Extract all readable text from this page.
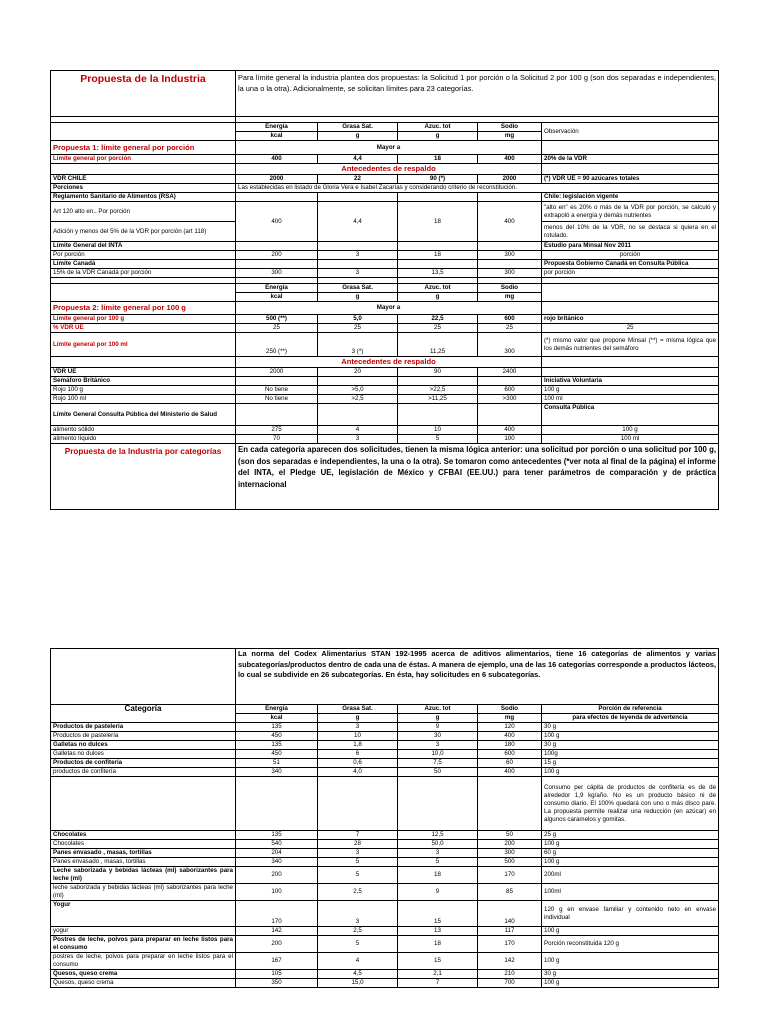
Propuesta de la Industria	Para límite general la industria plantea dos propuestas: la Solicitud 1 por porción o la Solicitud 2 por 100 g (son dos separadas e independientes, la una o la otra). Adicionalmente, se solicitan límites para 23 categorías.				

	Energía	Grasa Sat.	Azuc. tot	Sodio	Observación
	kcal	g	g	mg	
Propuesta 1: límite general por porción	Mayor a				
Límite general por porción	400	4,4	18	400	20% de la VDR
	Antecedentes de respaldo				
VDR CHILE	2000	22	90 (*)	2000	(*) VDR UE = 90 azúcares totales
Porciones	Las establecidas en listado de Gloria Vera e Isabel Zacarías y considerando criterio de reconstitución.				
Reglamento Sanitario de Alimentos (RSA)					Chile: legislación vigente
Art 120 alto en.. Por porción	400	4,4	18	400	"alto en" es 20% o más de la VDR por porción, se calculó y extrapoló a energía y demás nutrientes
Adición y menos del 5% de la VDR por porción (art 118)					menos del 10% de la VDR, no se destaca si quiera en el rotulado.
Límite General del INTA					Estudio para Minsal Nov 2011
Por porción	200	3	18	300	porción
Límite Canadá					Propuesta Gobierno Canadá en Consulta Pública
15% de la VDR Canadá por porción	300	3	13,5	300	por porción

	Energía	Grasa Sat.	Azuc. tot	Sodio	
	kcal	g	g	mg	
Propuesta 2: límite general por 100 g	Mayor a				
Límite general por 100 g	500 (**)	5,0	22,5	600	rojo británico
% VDR UE	25	25	25	25	25
Límite general por 100 ml	250 (**)	3 (*)	11,25	300	(*) mismo valor que propone Minsal (**) = misma lógica que los demás nutrientes del semáforo
	Antecedentes de respaldo				
VDR UE	2000	20	90	2400	
Semáforo Británico					Iniciativa Voluntaria
Rojo 100 g	No tiene	>5,0	>22,5	600	100 g
Rojo 100 ml	No tiene	>2,5	>11,25	>300	100 ml
Límite General Consulta Pública del Ministerio de Salud					Consulta Pública
alimento sólido	275	4	10	400	100 g
alimento líquido	70	3	5	100	100 ml
Propuesta de la Industria por categorías	En cada categoría aparecen dos solicitudes, tienen la misma lógica anterior: una solicitud por porción o una solicitud por 100 g, (son dos separadas e independientes, la una o la otra). Se tomaron como antecedentes (*ver nota al final de la página) el informe del INTA, el Pledge UE, legislación de México y CFBAI (EE.UU.) para tener parámetros de comparación y de práctica internacional				
	La norma del Codex Alimentarius STAN 192-1995 acerca de aditivos alimentarios, tiene 16 categorías de alimentos y varias subcategorías/productos dentro de cada una de éstas. A manera de ejemplo, una de las 16 categorías corresponde a productos lácteos, lo cual se subdivide en 26 subcategorías. En ésta, hay solicitudes en 6 subcategorías.				
Categoría	Energía	Grasa Sat.	Azuc. tot	Sodio	Porción de referencia
	kcal	g	g	mg	para efectos de leyenda de advertencia
Productos de pastelería	135	3	9	120	30 g
Productos de pastelería	450	10	30	400	100 g
Galletas no dulces	135	1,8	3	180	30 g
Galletas no dulces	450	6	10,0	600	100g
Productos de confitería	51	0,6	7,5	60	15 g
productos de confitería	340	4,0	50	400	100 g
					Consumo per cápita de productos de confitería es de de alrededor 1,9 kg/año. No es un producto básico ni de consumo diario. El 100% quedará con uno o más disco pare. La propuesta permite realizar una reducción (en azúcar) en algunos caramelos y gomitas.
Chocolates	135	7	12,5	50	25 g
Chocolates	540	28	50,0	200	100 g
Panes envasado , masas, tortillas	204	3	3	300	60 g
Panes envasado , masas, tortillas	340	5	5	500	100 g
Leche saborizada y bebidas lácteas (ml) saborizantes para leche (ml)	200	5	18	170	200ml
leche saborizada y bebidas lácteas (ml) saborizantes para leche (ml)	100	2,5	9	85	100ml
Yogur	170	3	15	140	120 g en envase familiar y contenido neto en envase individual
yogur	142	2,5	13	117	100 g
Postres de leche, polvos para preparar en leche listos para el consumo	200	5	18	170	Porción reconstituida 120 g
postres de leche, polvos para preparar en leche listos para el consumo	167	4	15	142	100 g
Quesos, queso crema	105	4,5	2,1	210	30 g
Quesos, queso crema	350	15,0	7	700	100 g
